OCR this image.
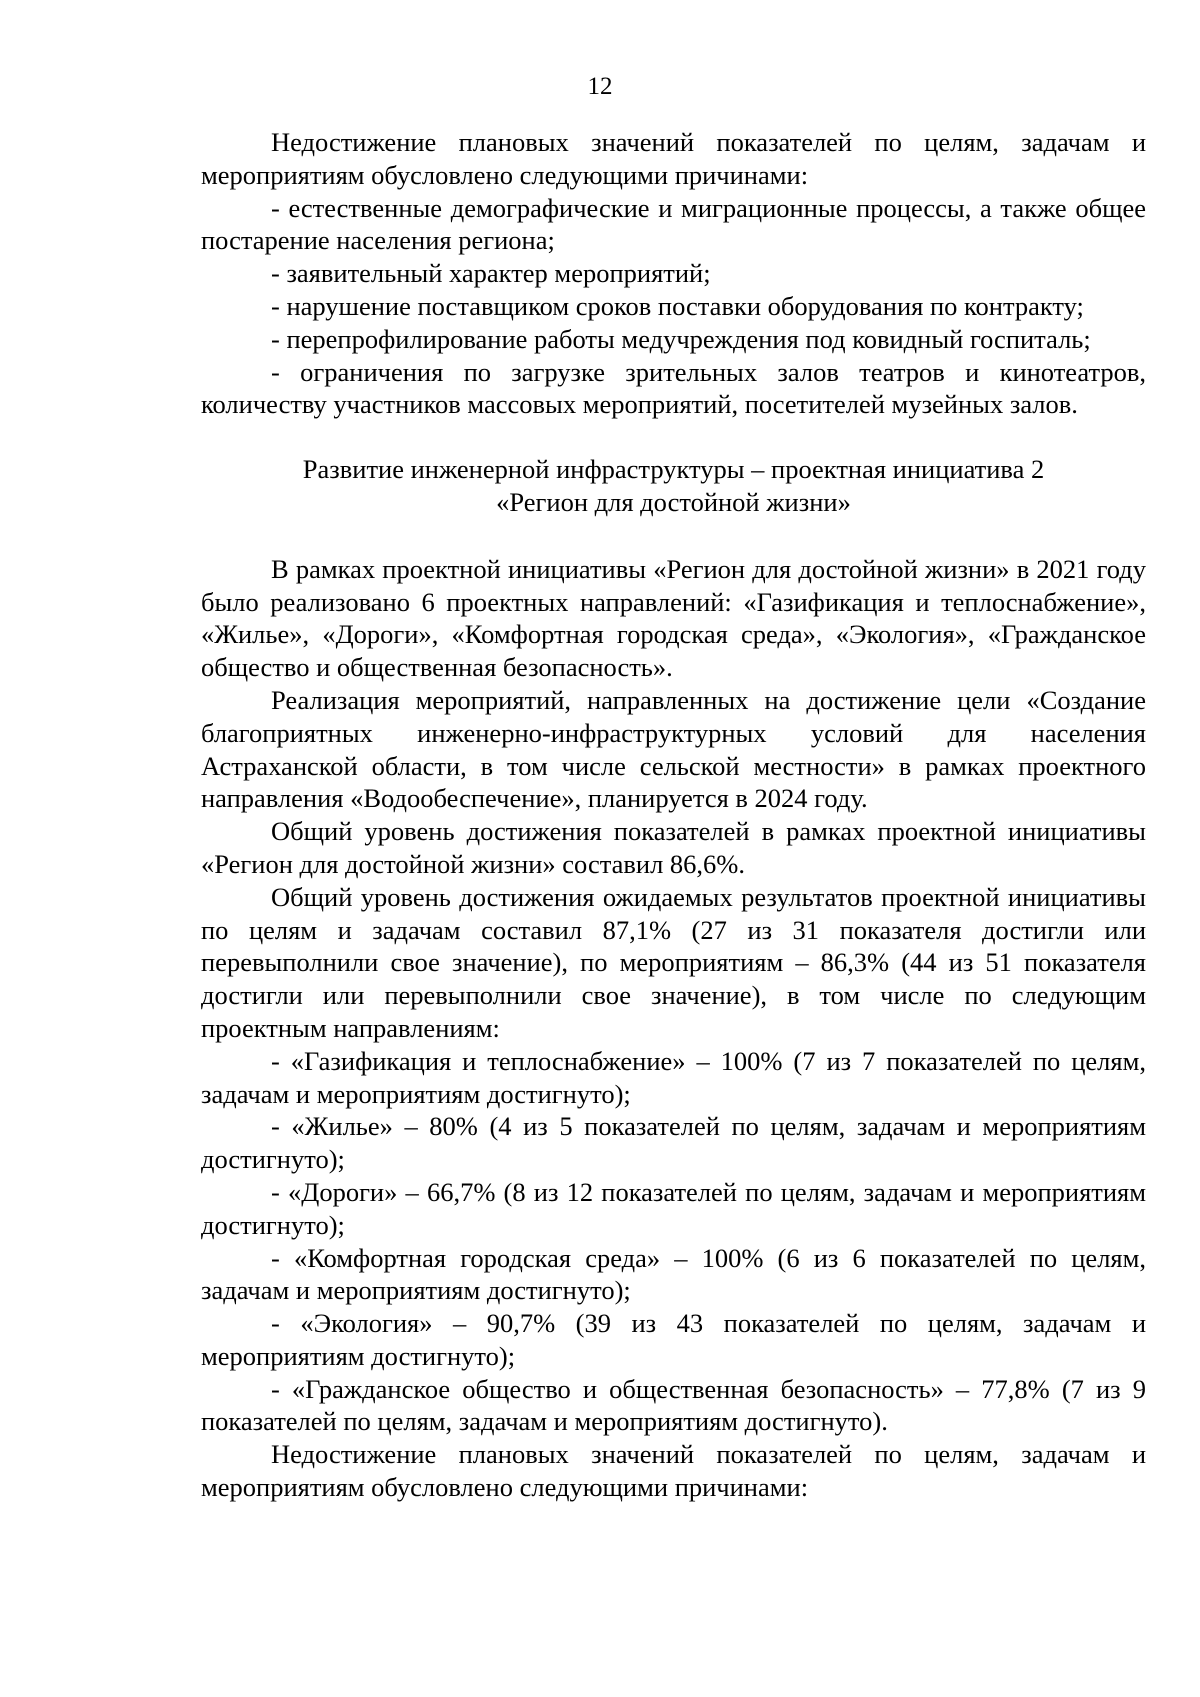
12

Недостижение плановых значений показателей по целям, задачам и мероприятиям обусловлено следующими причинами:

- естественные демографические и миграционные процессы, а также общее постарение населения региона;

- заявительный характер мероприятий;

- нарушение поставщиком сроков поставки оборудования по контракту;

- перепрофилирование работы медучреждения под ковидный госпиталь;

- ограничения по загрузке зрительных залов театров и кинотеатров, количеству участников массовых мероприятий, посетителей музейных залов.

Развитие инженерной инфраструктуры – проектная инициатива 2

«Регион для достойной жизни»

В рамках проектной инициативы «Регион для достойной жизни» в 2021 году было реализовано 6 проектных направлений: «Газификация и теплоснабжение», «Жилье», «Дороги», «Комфортная городская среда», «Экология», «Гражданское общество и общественная безопасность».

Реализация мероприятий, направленных на достижение цели «Создание благоприятных инженерно-инфраструктурных условий для населения Астраханской области, в том числе сельской местности» в рамках проектного направления «Водообеспечение», планируется в 2024 году.

Общий уровень достижения показателей в рамках проектной инициативы «Регион для достойной жизни» составил 86,6%.

Общий уровень достижения ожидаемых результатов проектной инициативы по целям и задачам составил 87,1% (27 из 31 показателя достигли или перевыполнили свое значение), по мероприятиям – 86,3% (44 из 51 показателя достигли или перевыполнили свое значение), в том числе по следующим проектным направлениям:

- «Газификация и теплоснабжение» – 100% (7 из 7 показателей по целям, задачам и мероприятиям достигнуто);

- «Жилье» – 80% (4 из 5 показателей по целям, задачам и мероприятиям достигнуто);

- «Дороги» – 66,7% (8 из 12 показателей по целям, задачам и мероприятиям достигнуто);

- «Комфортная городская среда» – 100% (6 из 6 показателей по целям, задачам и мероприятиям достигнуто);

- «Экология» – 90,7% (39 из 43 показателей по целям, задачам и мероприятиям достигнуто);

- «Гражданское общество и общественная безопасность» – 77,8% (7 из 9 показателей по целям, задачам и мероприятиям достигнуто).

Недостижение плановых значений показателей по целям, задачам и мероприятиям обусловлено следующими причинами:
